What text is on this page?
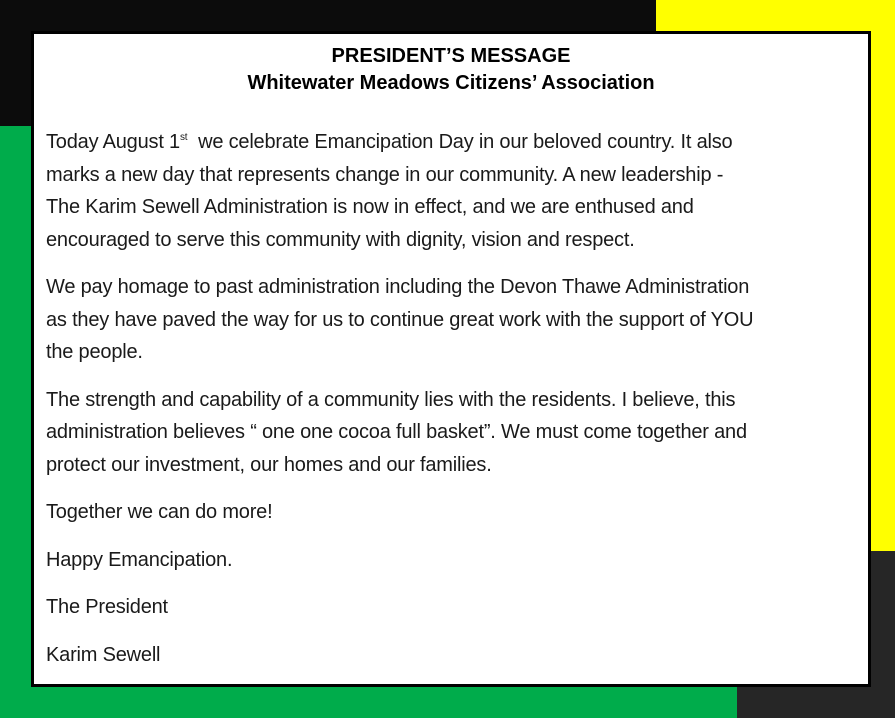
PRESIDENT’S MESSAGE
Whitewater Meadows Citizens’ Association
Today August 1st  we celebrate Emancipation Day in our beloved country. It also
marks a new day that represents change in our community. A new leadership -
The Karim Sewell Administration is now in effect, and we are enthused and
encouraged to serve this community with dignity, vision and respect.
We pay homage to past administration including the Devon Thawe Administration
as they have paved the way for us to continue great work with the support of YOU
the people.
The strength and capability of a community lies with the residents. I believe, this
administration believes “ one one cocoa full basket”. We must come together and
protect our investment, our homes and our families.
Together we can do more!
Happy Emancipation.
The President
Karim Sewell
